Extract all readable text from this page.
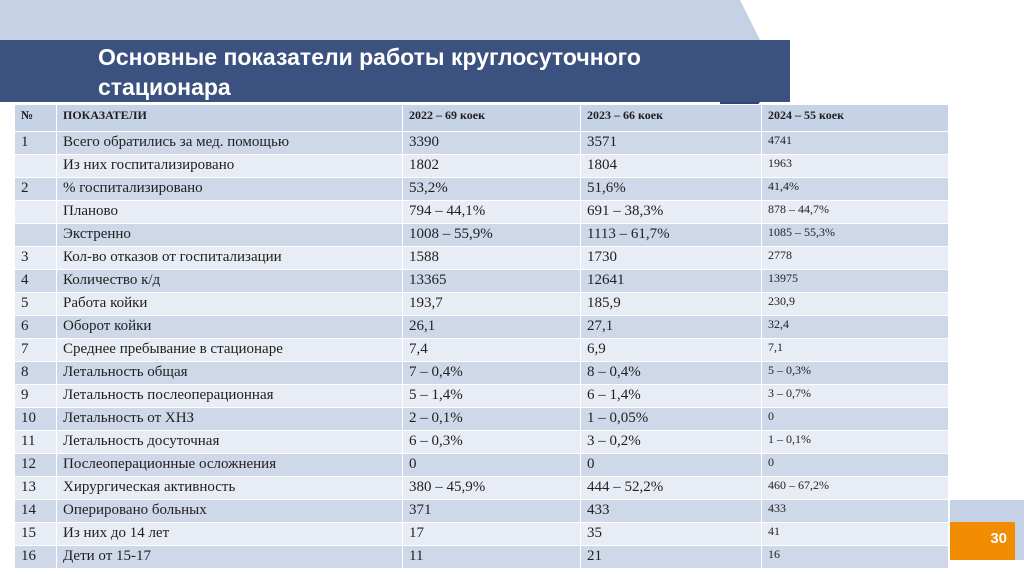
Основные показатели работы круглосуточного стационара
№	ПОКАЗАТЕЛИ	2022 – 69 коек	2023 – 66 коек	2024 – 55 коек
1	Всего обратились за мед. помощью	3390	3571	4741
	Из них госпитализировано	1802	1804	1963
2	% госпитализировано	53,2%	51,6%	41,4%
	Планово	794 – 44,1%	691 – 38,3%	878 – 44,7%
	Экстренно	1008 – 55,9%	1113 – 61,7%	1085 – 55,3%
3	Кол-во отказов от госпитализации	1588	1730	2778
4	Количество к/д	13365	12641	13975
5	Работа койки	193,7	185,9	230,9
6	Оборот койки	26,1	27,1	32,4
7	Среднее пребывание в стационаре	7,4	6,9	7,1
8	Летальность общая	7 – 0,4%	8 – 0,4%	5 – 0,3%
9	Летальность послеоперационная	5 – 1,4%	6 – 1,4%	3 – 0,7%
10	Летальность от ХНЗ	2 – 0,1%	1 – 0,05%	0
11	Летальность досуточная	6 – 0,3%	3 – 0,2%	1 – 0,1%
12	Послеоперационные осложнения	0	0	0
13	Хирургическая активность	380 – 45,9%	444 – 52,2%	460 – 67,2%
14	Оперировано больных	371	433	433
15	Из них до 14 лет	17	35	41
16	Дети от 15-17	11	21	16
30
